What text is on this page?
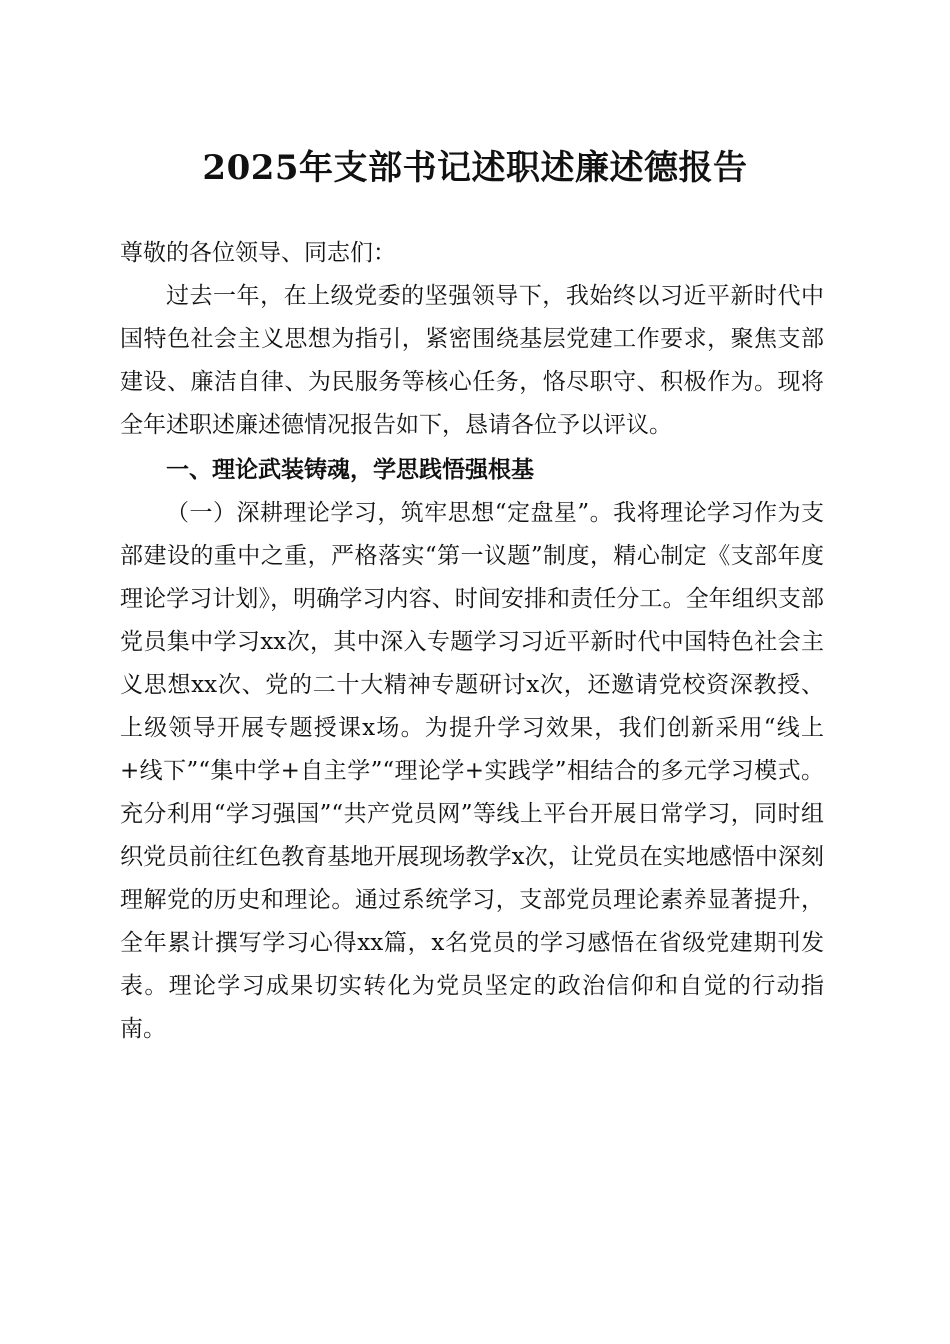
2025年支部书记述职述廉述德报告

尊敬的各位领导、同志们：

过去一年，在上级党委的坚强领导下，我始终以习近平新时代中国特色社会主义思想为指引，紧密围绕基层党建工作要求，聚焦支部建设、廉洁自律、为民服务等核心任务，恪尽职守、积极作为。现将全年述职述廉述德情况报告如下，恳请各位予以评议。

一、理论武装铸魂，学思践悟强根基

（一）深耕理论学习，筑牢思想“定盘星”。我将理论学习作为支部建设的重中之重，严格落实“第一议题”制度，精心制定《支部年度理论学习计划》，明确学习内容、时间安排和责任分工。全年组织支部党员集中学习xx次，其中深入专题学习习近平新时代中国特色社会主义思想xx次、党的二十大精神专题研讨x次，还邀请党校资深教授、上级领导开展专题授课x场。为提升学习效果，我们创新采用“线上+线下”“集中学+自主学”“理论学+实践学”相结合的多元学习模式。充分利用“学习强国”“共产党员网”等线上平台开展日常学习，同时组织党员前往红色教育基地开展现场教学x次，让党员在实地感悟中深刻理解党的历史和理论。通过系统学习，支部党员理论素养显著提升，全年累计撰写学习心得xx篇，x名党员的学习感悟在省级党建期刊发表。理论学习成果切实转化为党员坚定的政治信仰和自觉的行动指南。
